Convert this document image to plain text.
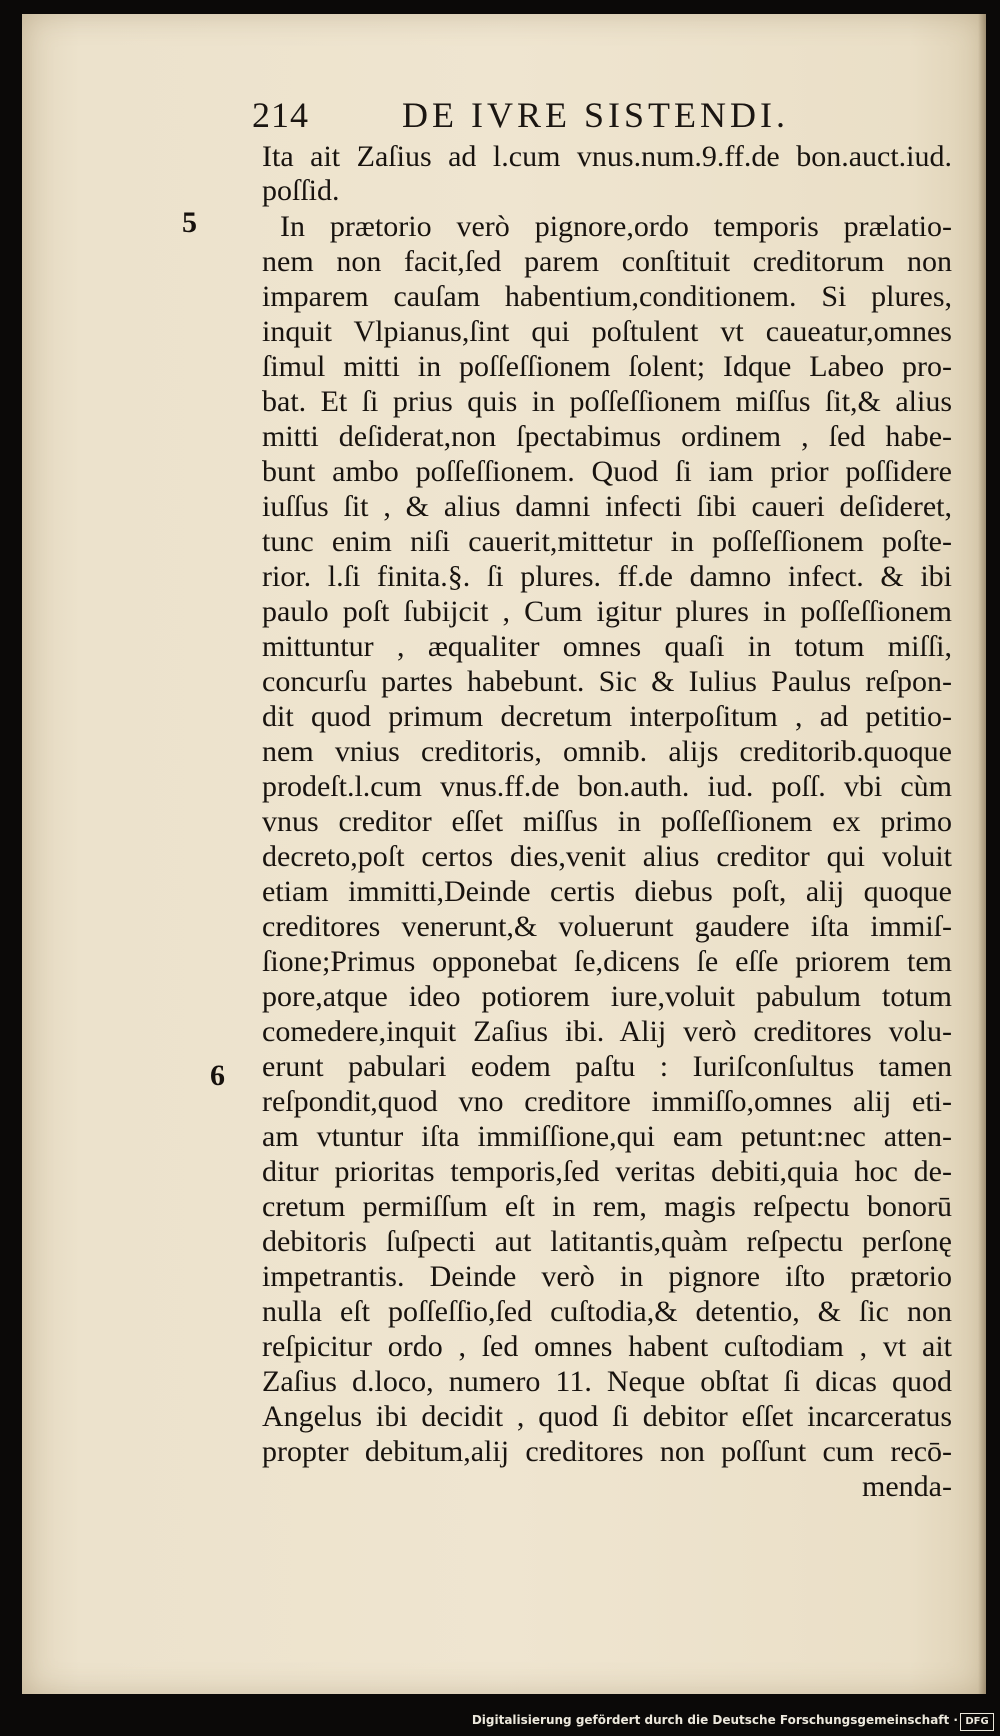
214	DE IVRE SISTENDI.
5
6
Ita ait Zaſius ad l.cum vnus.num.9.ff.de bon.auct.iud.
poſſid.
In prætorio verò pignore,ordo temporis prælatio-
nem non facit,ſed parem conſtituit creditorum non
imparem cauſam habentium,conditionem. Si plures,
inquit Vlpianus,ſint qui poſtulent vt caueatur,omnes
ſimul mitti in poſſeſſionem ſolent; Idque Labeo pro-
bat. Et ſi prius quis in poſſeſſionem miſſus ſit,& alius
mitti deſiderat,non ſpectabimus ordinem , ſed habe-
bunt ambo poſſeſſionem. Quod ſi iam prior poſſidere
iuſſus ſit , & alius damni infecti ſibi caueri deſideret,
tunc enim niſi cauerit,mittetur in poſſeſſionem poſte-
rior. l.ſi finita.§. ſi plures. ff.de damno infect. & ibi
paulo poſt ſubijcit , Cum igitur plures in poſſeſſionem
mittuntur , æqualiter omnes quaſi in totum miſſi,
concurſu partes habebunt. Sic & Iulius Paulus reſpon-
dit quod primum decretum interpoſitum , ad petitio-
nem vnius creditoris, omnib. alijs creditorib.quoque
prodeſt.l.cum vnus.ff.de bon.auth. iud. poſſ. vbi cùm
vnus creditor eſſet miſſus in poſſeſſionem ex primo
decreto,poſt certos dies,venit alius creditor qui voluit
etiam immitti,Deinde certis diebus poſt, alij quoque
creditores venerunt,& voluerunt gaudere iſta immiſ-
ſione;Primus opponebat ſe,dicens ſe eſſe priorem tem
pore,atque ideo potiorem iure,voluit pabulum totum
comedere,inquit Zaſius ibi. Alij verò creditores volu-
erunt pabulari eodem paſtu : Iuriſconſultus tamen
reſpondit,quod vno creditore immiſſo,omnes alij eti-
am vtuntur iſta immiſſione,qui eam petunt:nec atten-
ditur prioritas temporis,ſed veritas debiti,quia hoc de-
cretum permiſſum eſt in rem, magis reſpectu bonorū
debitoris ſuſpecti aut latitantis,quàm reſpectu perſonę
impetrantis. Deinde verò in pignore iſto prætorio
nulla eſt poſſeſſio,ſed cuſtodia,& detentio, & ſic non
reſpicitur ordo , ſed omnes habent cuſtodiam , vt ait
Zaſius d.loco, numero 11. Neque obſtat ſi dicas quod
Angelus ibi decidit , quod ſi debitor eſſet incarceratus
propter debitum,alij creditores non poſſunt cum recō-
menda-
Digitalisierung gefördert durch die Deutsche Forschungsgemeinschaft · DFG
